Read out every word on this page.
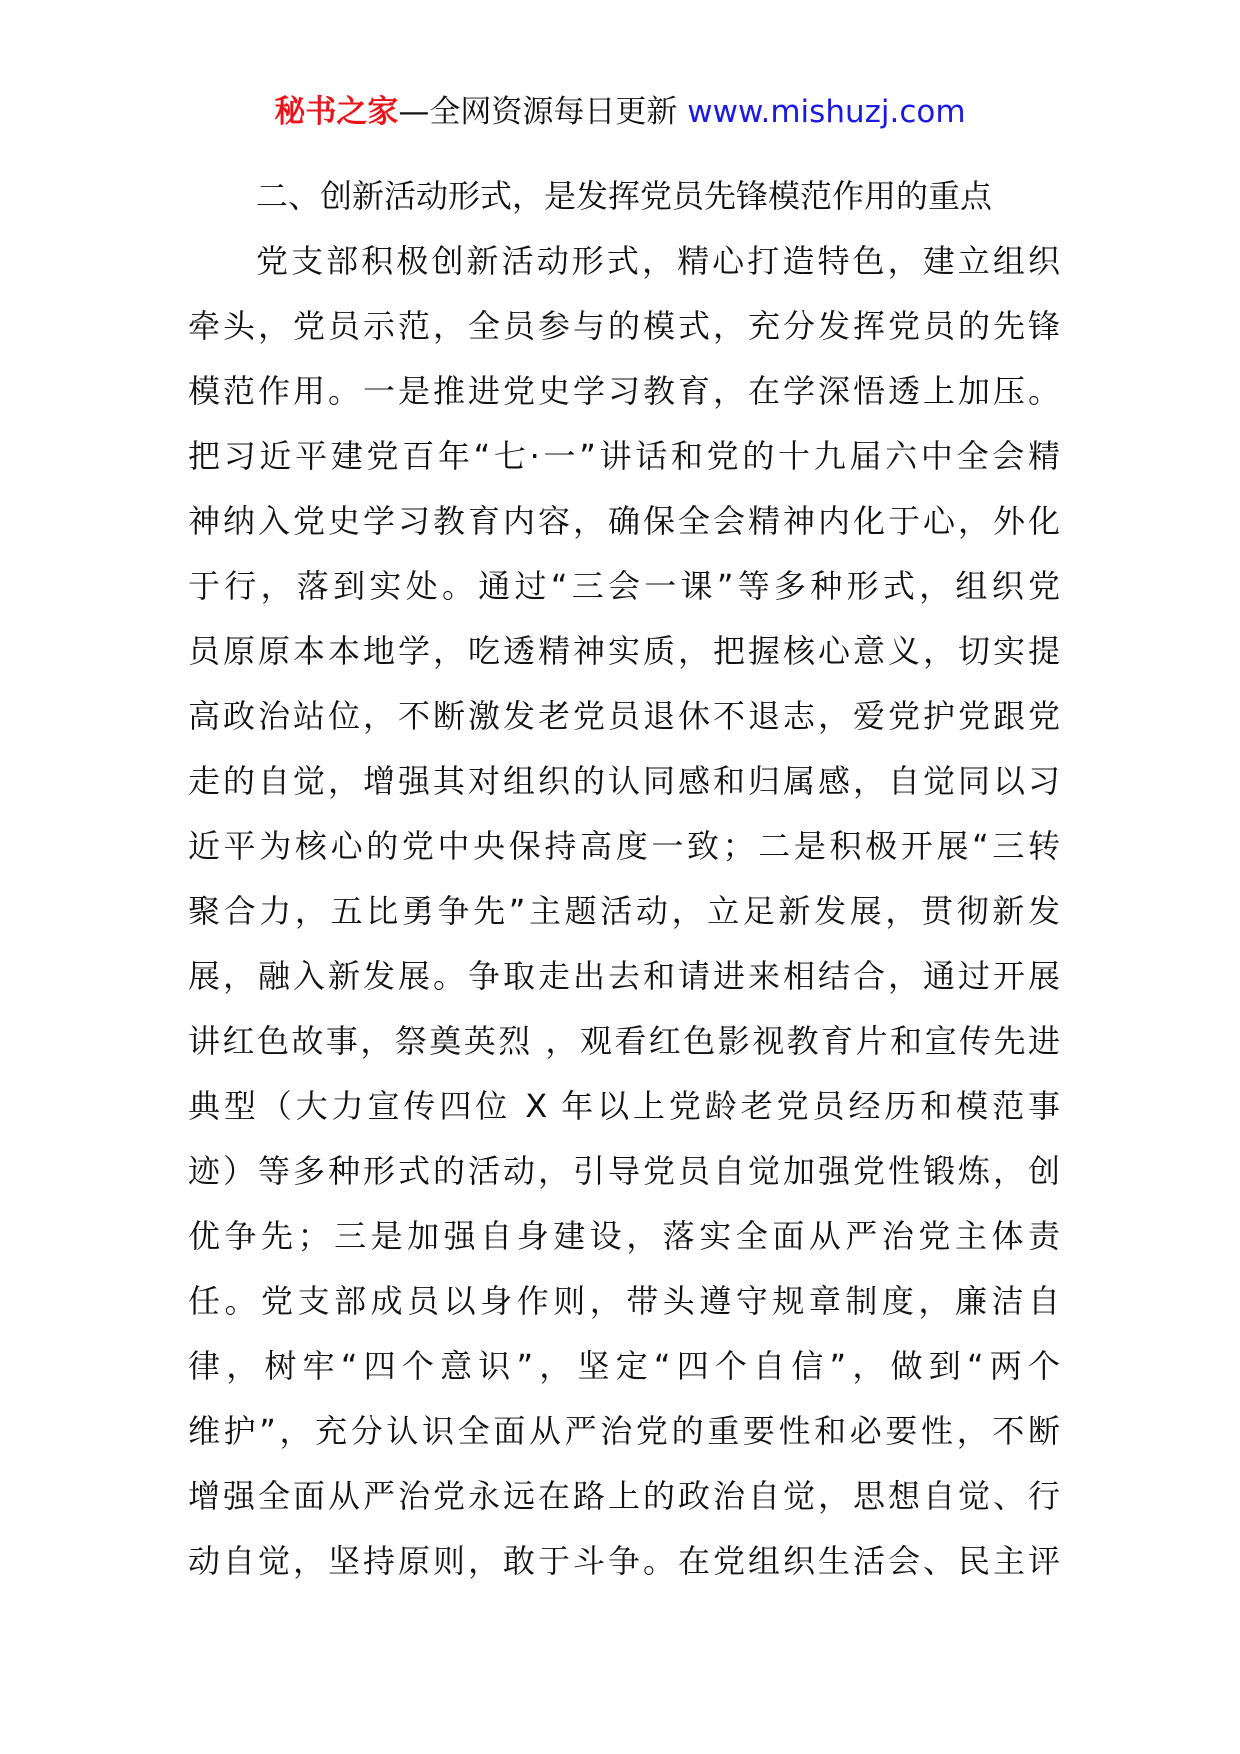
秘书之家—全网资源每日更新 www.mishuzj.com
二、创新活动形式，是发挥党员先锋模范作用的重点
党支部积极创新活动形式，精心打造特色，建立组织
牵头，党员示范，全员参与的模式，充分发挥党员的先锋
模范作用。一是推进党史学习教育，在学深悟透上加压。
把习近平建党百年“七·一”讲话和党的十九届六中全会精
神纳入党史学习教育内容，确保全会精神内化于心，外化
于行，落到实处。通过“三会一课”等多种形式，组织党
员原原本本地学，吃透精神实质，把握核心意义，切实提
高政治站位，不断激发老党员退休不退志，爱党护党跟党
走的自觉，增强其对组织的认同感和归属感，自觉同以习
近平为核心的党中央保持高度一致；二是积极开展“三转
聚合力，五比勇争先”主题活动，立足新发展，贯彻新发
展，融入新发展。争取走出去和请进来相结合，通过开展
讲红色故事，祭奠英烈 ，观看红色影视教育片和宣传先进
典型（大力宣传四位 X 年以上党龄老党员经历和模范事
迹）等多种形式的活动，引导党员自觉加强党性锻炼，创
优争先；三是加强自身建设，落实全面从严治党主体责
任。党支部成员以身作则，带头遵守规章制度，廉洁自
律，树牢“四个意识”，坚定“四个自信”，做到“两个
维护”，充分认识全面从严治党的重要性和必要性，不断
增强全面从严治党永远在路上的政治自觉，思想自觉、行
动自觉，坚持原则，敢于斗争。在党组织生活会、民主评
